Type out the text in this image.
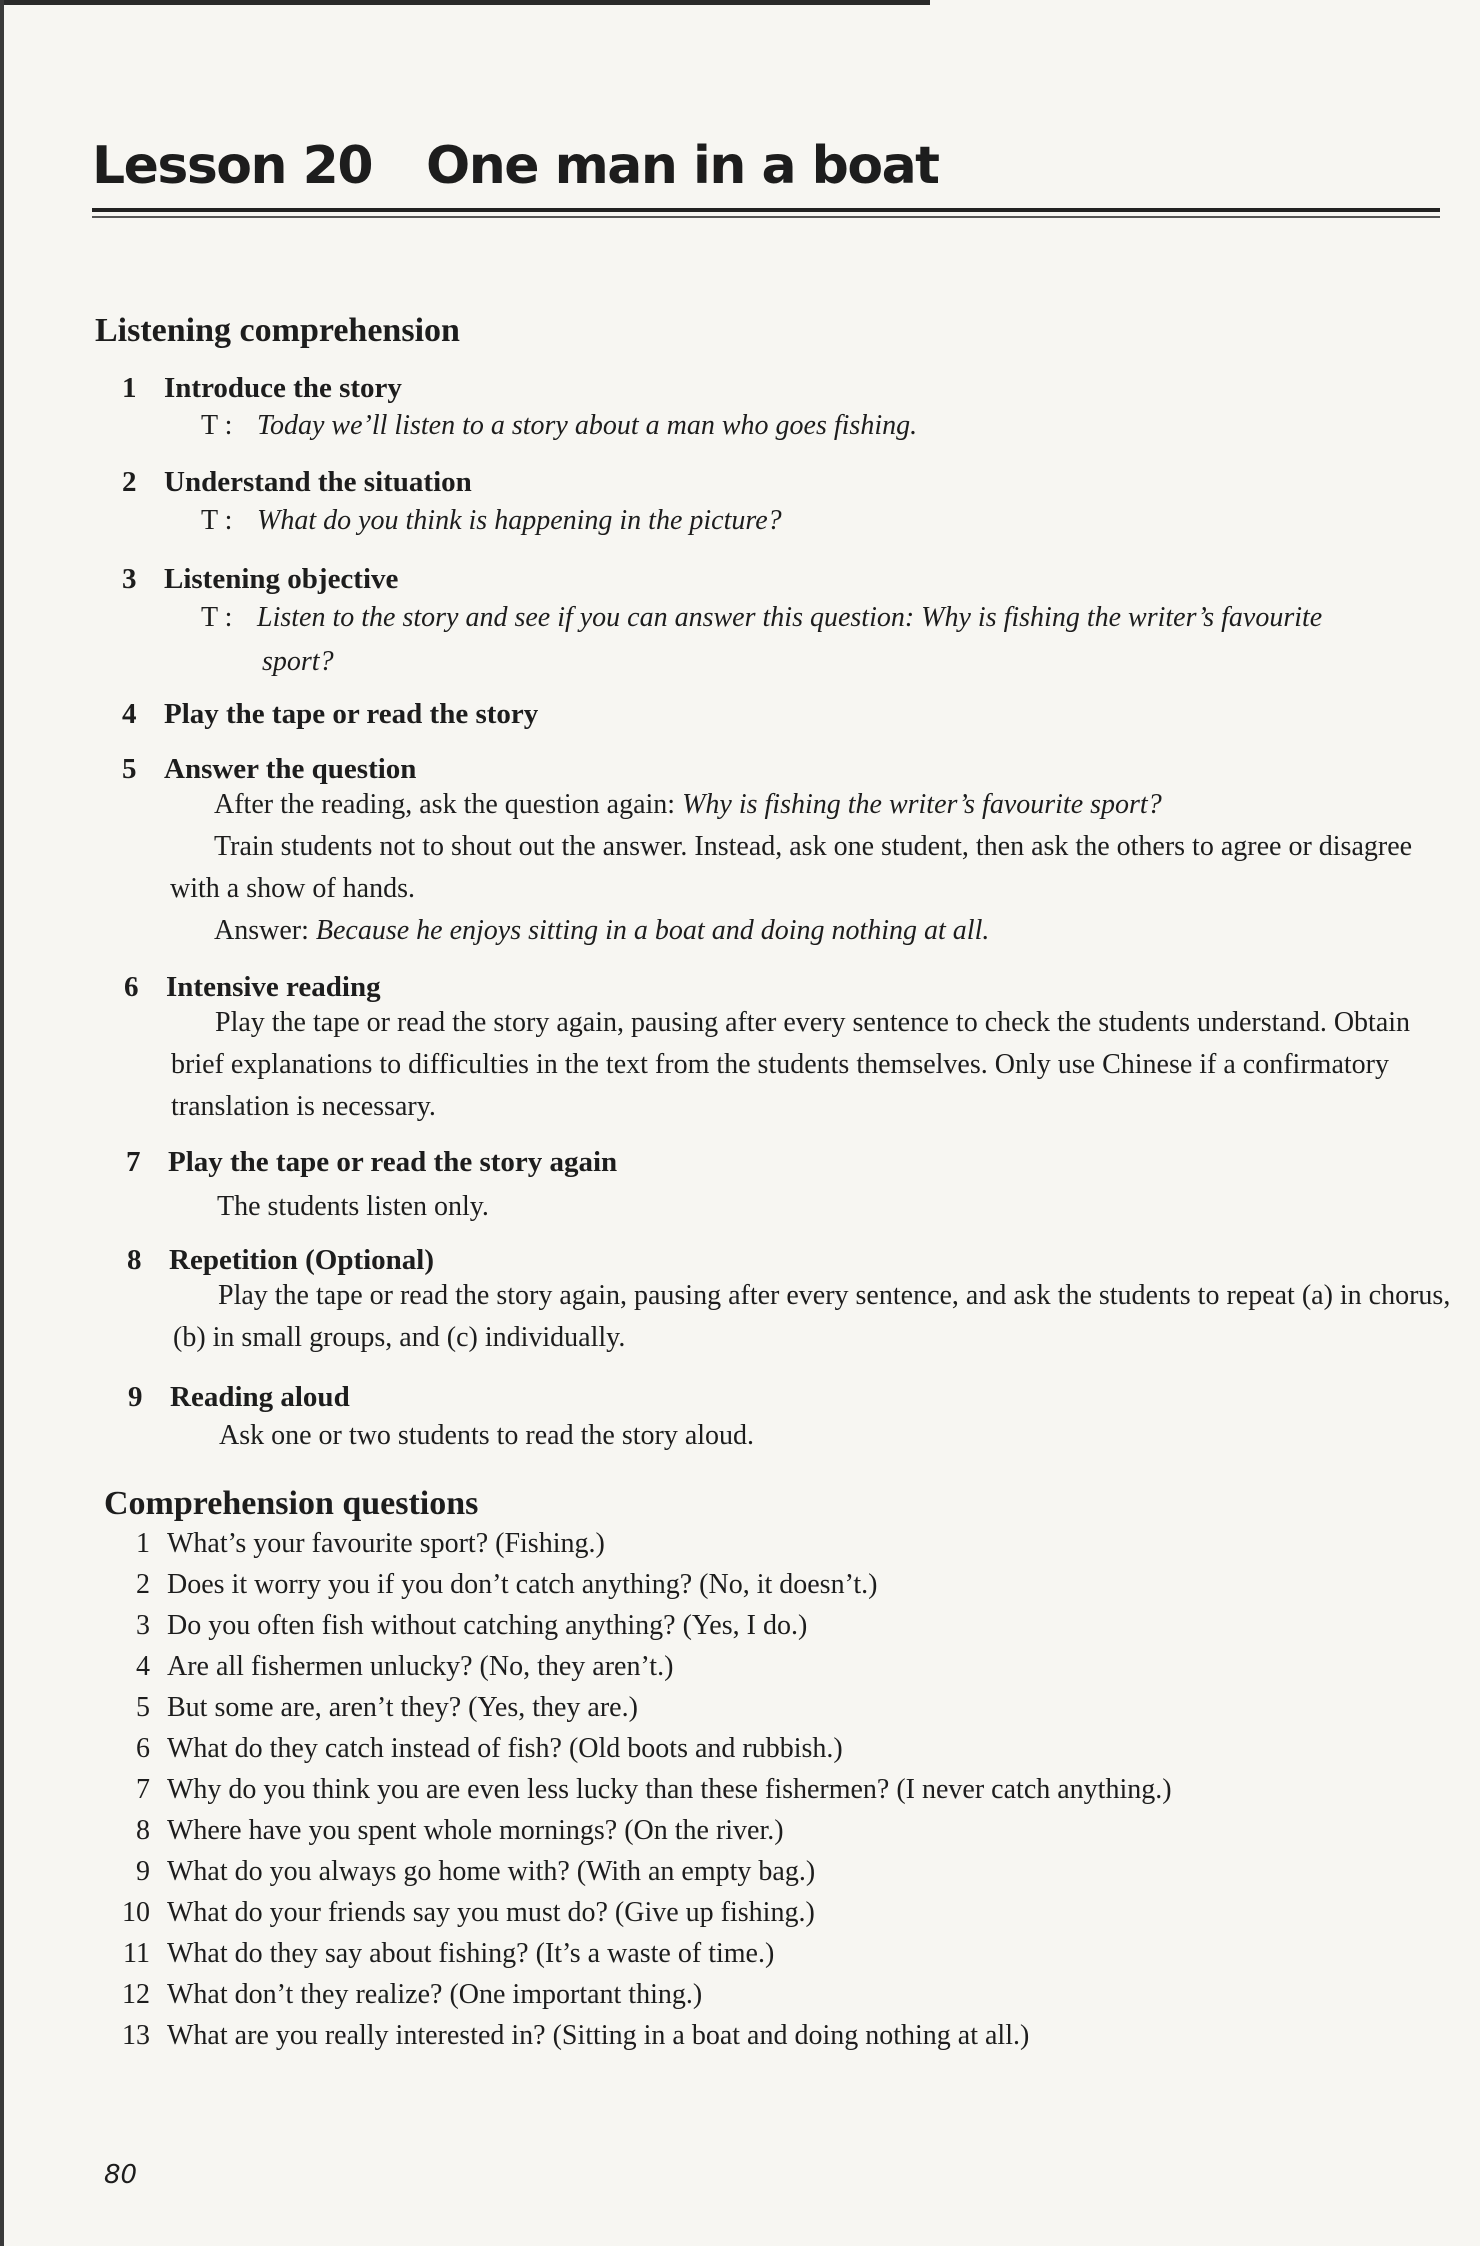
Lesson 20 One man in a boat
Listening comprehension
1 Introduce the story
T : Today we’ll listen to a story about a man who goes fishing.
2 Understand the situation
T : What do you think is happening in the picture?
3 Listening objective
T : Listen to the story and see if you can answer this question: Why is fishing the writer’s favourite
sport?
4 Play the tape or read the story
5 Answer the question
After the reading, ask the question again: Why is fishing the writer’s favourite sport?
Train students not to shout out the answer. Instead, ask one student, then ask the others to agree or disagree with a show of hands.
Answer: Because he enjoys sitting in a boat and doing nothing at all.
6 Intensive reading
Play the tape or read the story again, pausing after every sentence to check the students understand. Obtain brief explanations to difficulties in the text from the students themselves. Only use Chinese if a confirmatory translation is necessary.
7 Play the tape or read the story again
The students listen only.
8 Repetition (Optional)
Play the tape or read the story again, pausing after every sentence, and ask the students to repeat (a) in chorus, (b) in small groups, and (c) individually.
9 Reading aloud
Ask one or two students to read the story aloud.
Comprehension questions
1 What’s your favourite sport? (Fishing.)
2 Does it worry you if you don’t catch anything? (No, it doesn’t.)
3 Do you often fish without catching anything? (Yes, I do.)
4 Are all fishermen unlucky? (No, they aren’t.)
5 But some are, aren’t they? (Yes, they are.)
6 What do they catch instead of fish? (Old boots and rubbish.)
7 Why do you think you are even less lucky than these fishermen? (I never catch anything.)
8 Where have you spent whole mornings? (On the river.)
9 What do you always go home with? (With an empty bag.)
10 What do your friends say you must do? (Give up fishing.)
11 What do they say about fishing? (It’s a waste of time.)
12 What don’t they realize? (One important thing.)
13 What are you really interested in? (Sitting in a boat and doing nothing at all.)
80
